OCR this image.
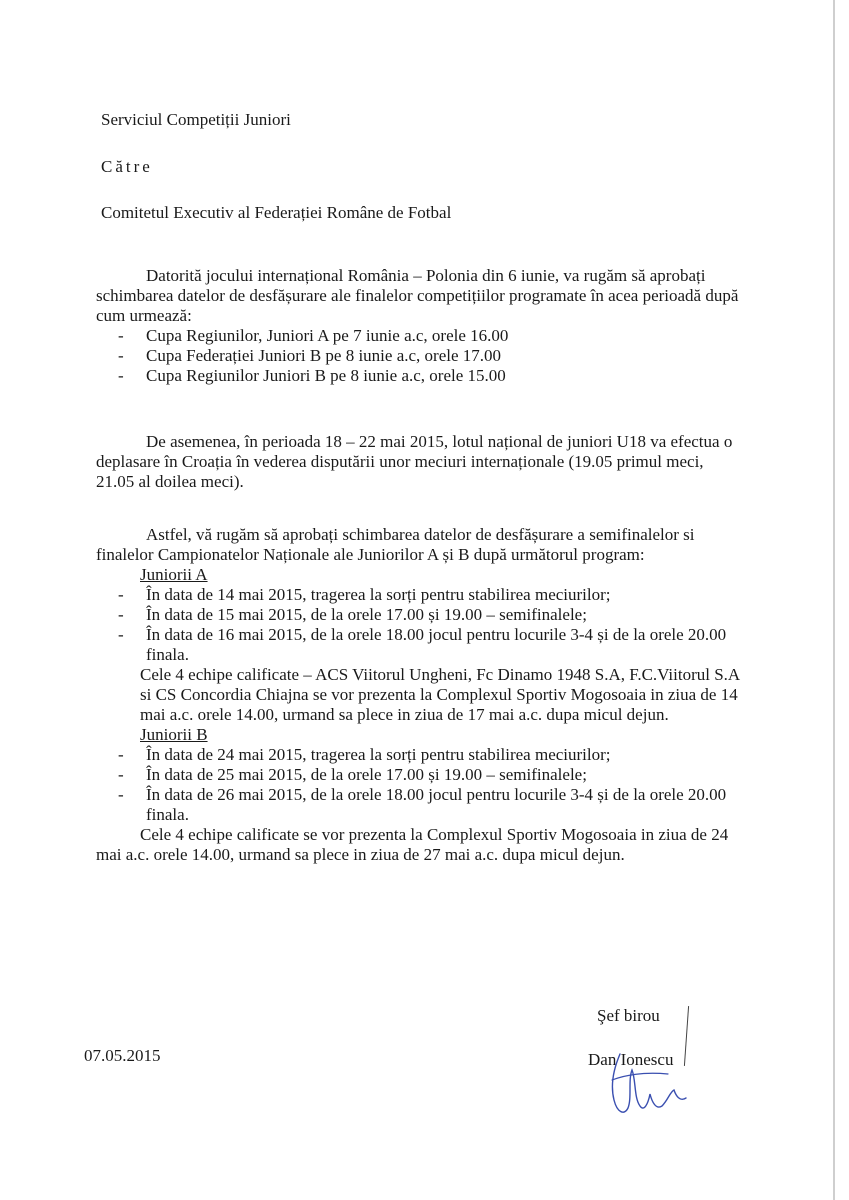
Serviciul Competiții Juniori
Către
Comitetul Executiv al Federației Române de Fotbal

Datorită jocului internațional România – Polonia din 6 iunie, va rugăm să aprobați schimbarea datelor de desfășurare ale finalelor competițiilor programate în acea perioadă după cum urmează:

- Cupa Regiunilor, Juniori A pe 7 iunie a.c, orele 16.00
- Cupa Federației Juniori B pe 8 iunie a.c, orele 17.00
- Cupa Regiunilor Juniori B pe 8 iunie a.c, orele 15.00

De asemenea, în perioada 18 – 22 mai 2015, lotul național de juniori U18 va efectua o deplasare în Croația în vederea disputării unor meciuri internaționale (19.05 primul meci, 21.05 al doilea meci).

Astfel, vă rugăm să aprobați schimbarea datelor de desfășurare a semifinalelor si finalelor Campionatelor Naționale ale Juniorilor A și B după următorul program:

Juniorii A

- În data de 14 mai 2015, tragerea la sorți pentru stabilirea meciurilor;
- În data de 15 mai 2015, de la orele 17.00 și 19.00 – semifinalele;
- În data de 16 mai 2015, de la orele 18.00 jocul pentru locurile 3-4 și de la orele 20.00 finala.

Cele 4 echipe calificate – ACS Viitorul Ungheni, Fc Dinamo 1948 S.A, F.C.Viitorul S.A si CS Concordia Chiajna se vor prezenta la Complexul Sportiv Mogosoaia in ziua de 14 mai a.c. orele 14.00, urmand sa plece in ziua de 17 mai a.c. dupa micul dejun.

Juniorii B

- În data de 24 mai 2015, tragerea la sorți pentru stabilirea meciurilor;
- În data de 25 mai 2015, de la orele 17.00 și 19.00 – semifinalele;
- În data de 26 mai 2015, de la orele 18.00 jocul pentru locurile 3-4 și de la orele 20.00 finala.

Cele 4 echipe calificate se vor prezenta la Complexul Sportiv Mogosoaia in ziua de 24 mai a.c. orele 14.00, urmand sa plece in ziua de 27 mai a.c. dupa micul dejun.

07.05.2015
Şef birou
Dan Ionescu
